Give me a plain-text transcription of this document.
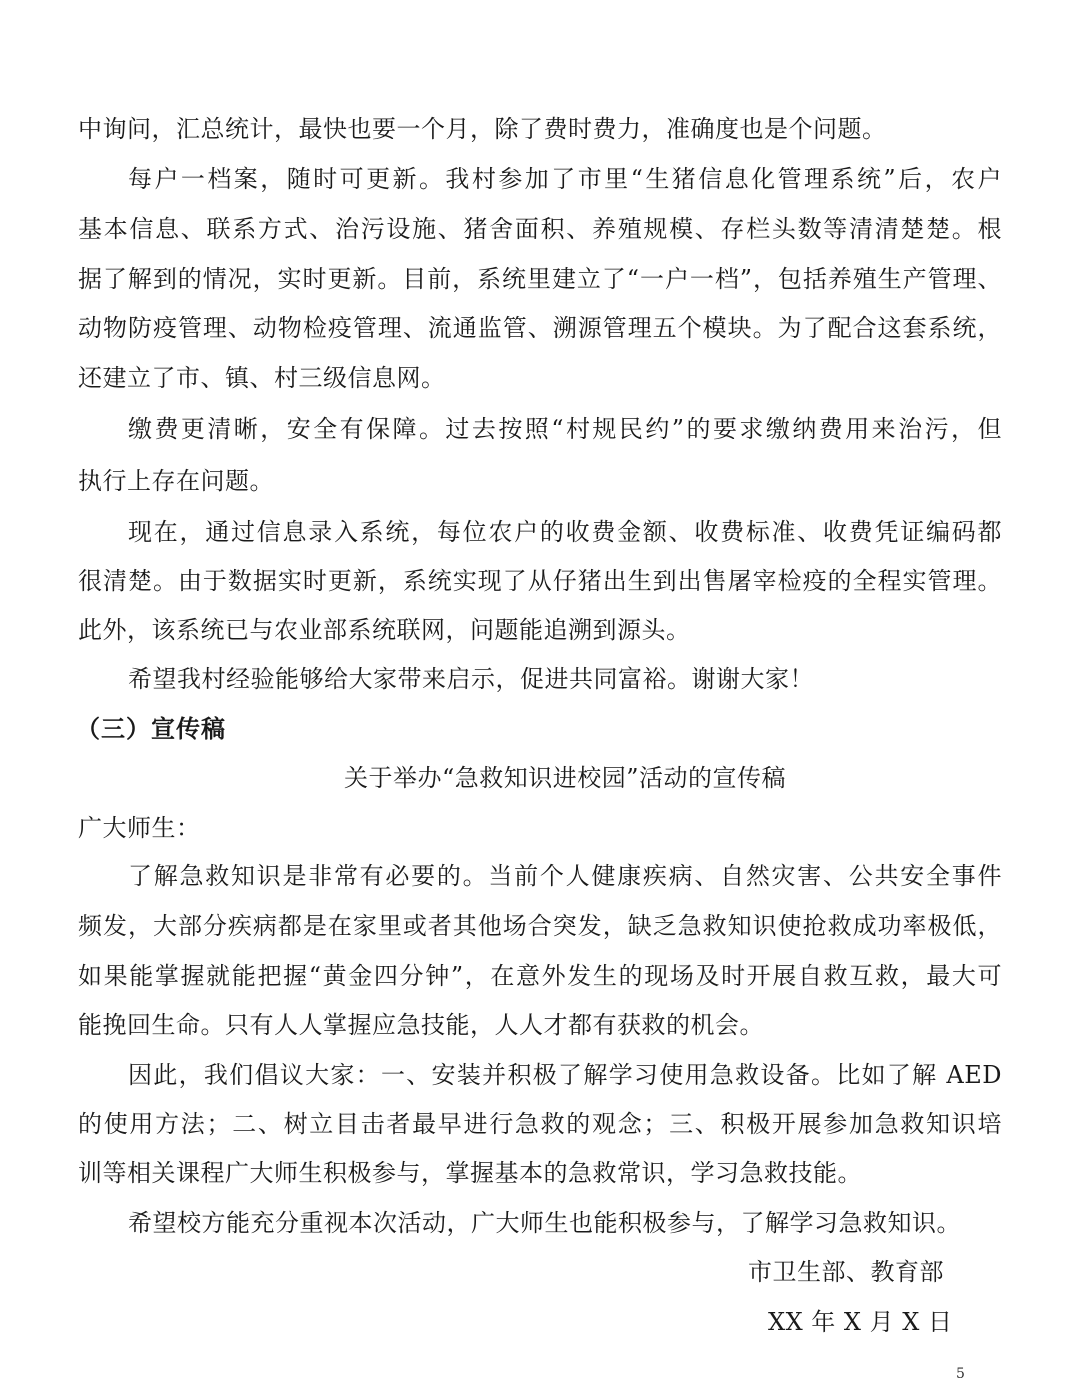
中询问，汇总统计，最快也要一个月，除了费时费力，准确度也是个问题。
每户一档案，随时可更新。我村参加了市里“生猪信息化管理系统”后，农户
基本信息、联系方式、治污设施、猪舍面积、养殖规模、存栏头数等清清楚楚。根
据了解到的情况，实时更新。目前，系统里建立了“一户一档”，包括养殖生产管理、
动物防疫管理、动物检疫管理、流通监管、溯源管理五个模块。为了配合这套系统，
还建立了市、镇、村三级信息网。
缴费更清晰，安全有保障。过去按照“村规民约”的要求缴纳费用来治污，但
执行上存在问题。
现在，通过信息录入系统，每位农户的收费金额、收费标准、收费凭证编码都
很清楚。由于数据实时更新，系统实现了从仔猪出生到出售屠宰检疫的全程实管理。
此外，该系统已与农业部系统联网，问题能追溯到源头。
希望我村经验能够给大家带来启示，促进共同富裕。谢谢大家！
（三）宣传稿
关于举办“急救知识进校园”活动的宣传稿
广大师生：
了解急救知识是非常有必要的。当前个人健康疾病、自然灾害、公共安全事件
频发，大部分疾病都是在家里或者其他场合突发，缺乏急救知识使抢救成功率极低，
如果能掌握就能把握“黄金四分钟”，在意外发生的现场及时开展自救互救，最大可
能挽回生命。只有人人掌握应急技能，人人才都有获救的机会。
因此，我们倡议大家：一、安装并积极了解学习使用急救设备。比如了解 AED
的使用方法；二、树立目击者最早进行急救的观念；三、积极开展参加急救知识培
训等相关课程广大师生积极参与，掌握基本的急救常识，学习急救技能。
希望校方能充分重视本次活动，广大师生也能积极参与，了解学习急救知识。
市卫生部、教育部
XX 年 X 月 X 日
5
